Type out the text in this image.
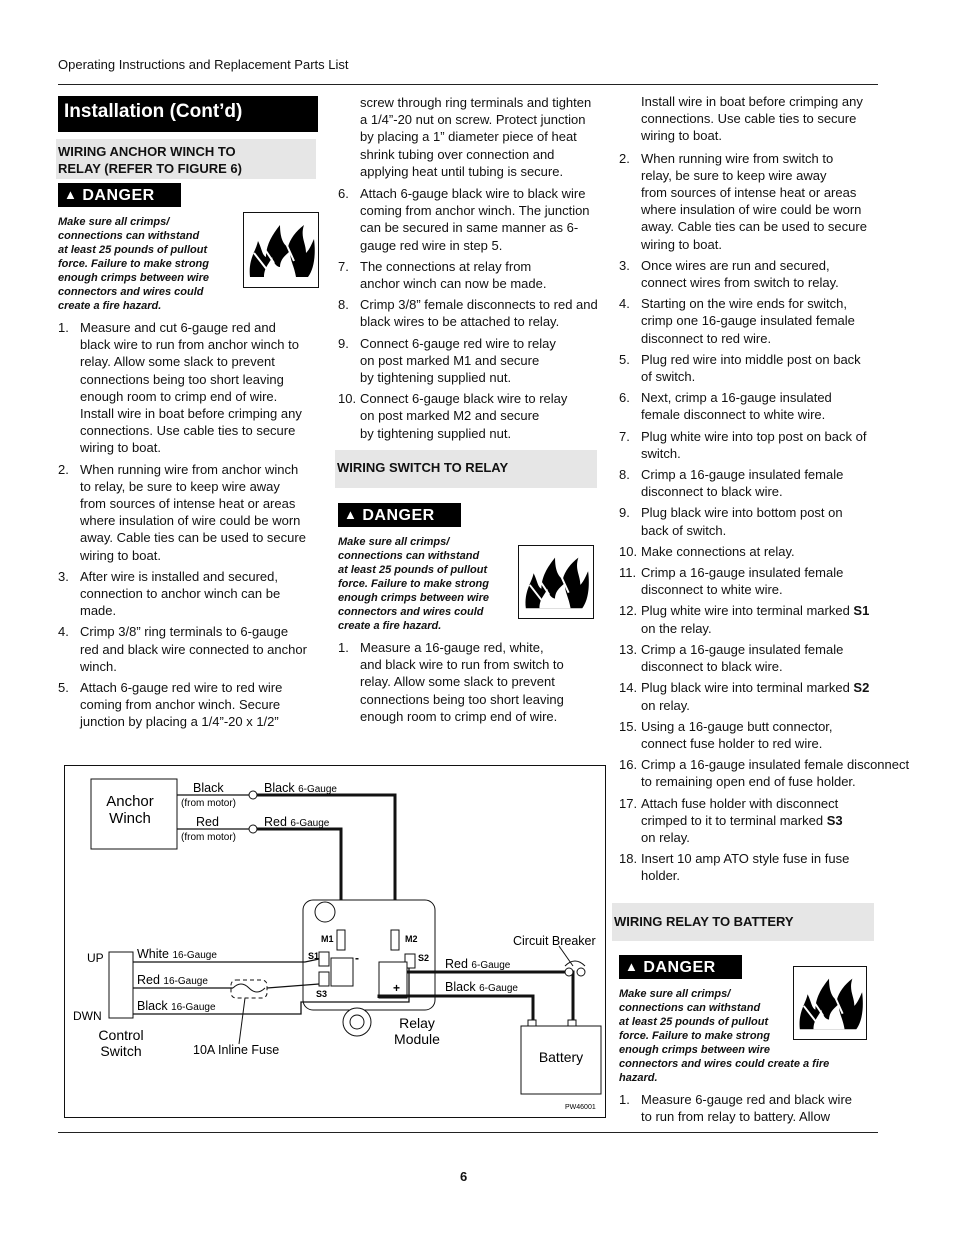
Operating Instructions and Replacement Parts List
Installation (Cont’d)
WIRING ANCHOR WINCH TO
RELAY (REFER TO FIGURE 6)
▲ DANGER
Make sure all crimps/
connections can withstand
at least 25 pounds of pullout
force. Failure to make strong
enough crimps between wire
connectors and wires could
create a fire hazard.
1. Measure and cut 6-gauge red and
black wire to run from anchor winch to
relay. Allow some slack to prevent
connections being too short leaving
enough room to crimp end of wire.
Install wire in boat before crimping any
connections. Use cable ties to secure
wiring to boat.
2. When running wire from anchor winch
to relay, be sure to keep wire away
from sources of intense heat or areas
where insulation of wire could be worn
away. Cable ties can be used to secure
wiring to boat.
3. After wire is installed and secured,
connection to anchor winch can be
made.
4. Crimp 3/8” ring terminals to 6-gauge
red and black wire connected to anchor
winch.
5. Attach 6-gauge red wire to red wire
coming from anchor winch. Secure
junction by placing a 1/4”-20 x 1/2”
screw through ring terminals and tighten
a 1/4”-20 nut on screw. Protect junction
by placing a 1” diameter piece of heat
shrink tubing over connection and
applying heat until tubing is secure.
6. Attach 6-gauge black wire to black wire
coming from anchor winch. The junction
can be secured in same manner as 6-
gauge red wire in step 5.
7. The connections at relay from
anchor winch can now be made.
8. Crimp 3/8” female disconnects to red and
black wires to be attached to relay.
9. Connect 6-gauge red wire to relay
on post marked M1 and secure
by tightening supplied nut.
10. Connect 6-gauge black wire to relay
on post marked M2 and secure
by tightening supplied nut.
WIRING SWITCH TO RELAY
▲ DANGER
Make sure all crimps/
connections can withstand
at least 25 pounds of pullout
force. Failure to make strong
enough crimps between wire
connectors and wires could
create a fire hazard.
1. Measure a 16-gauge red, white,
and black wire to run from switch to
relay. Allow some slack to prevent
connections being too short leaving
enough room to crimp end of wire.
Install wire in boat before crimping any
connections. Use cable ties to secure
wiring to boat.
2. When running wire from switch to
relay, be sure to keep wire away
from sources of intense heat or areas
where insulation of wire could be worn
away. Cable ties can be used to secure
wiring to boat.
3. Once wires are run and secured,
connect wires from switch to relay.
4. Starting on the wire ends for switch,
crimp one 16-gauge insulated female
disconnect to red wire.
5. Plug red wire into middle post on back
of switch.
6. Next, crimp a 16-gauge insulated
female disconnect to white wire.
7. Plug white wire into top post on back of
switch.
8. Crimp a 16-gauge insulated female
disconnect to black wire.
9. Plug black wire into bottom post on
back of switch.
10. Make connections at relay.
11. Crimp a 16-gauge insulated female
disconnect to white wire.
12. Plug white wire into terminal marked S1
on the relay.
13. Crimp a 16-gauge insulated female
disconnect to black wire.
14. Plug black wire into terminal marked S2
on relay.
15. Using a 16-gauge butt connector,
connect fuse holder to red wire.
16. Crimp a 16-gauge insulated female disconnect
to remaining open end of fuse holder.
17. Attach fuse holder with disconnect
crimped to it to terminal marked S3
on relay.
18. Insert 10 amp ATO style fuse in fuse
holder.
WIRING RELAY TO BATTERY
▲ DANGER
Make sure all crimps/
connections can withstand
at least 25 pounds of pullout
force. Failure to make strong
enough crimps between wire
connectors and wires could create a fire
hazard.
1. Measure 6-gauge red and black wire
to run from relay to battery. Allow
Anchor
Winch
Black
(from motor)
Red
(from motor)
Black 6-Gauge
Red 6-Gauge
M1	M2
S1	S2
S3
-
+
Red 6-Gauge
Black 6-Gauge
Circuit Breaker
Battery
UP
DWN
Control
Switch
White 16-Gauge
Red 16-Gauge
Black 16-Gauge
10A Inline Fuse
Relay
Module
PW46001
6
